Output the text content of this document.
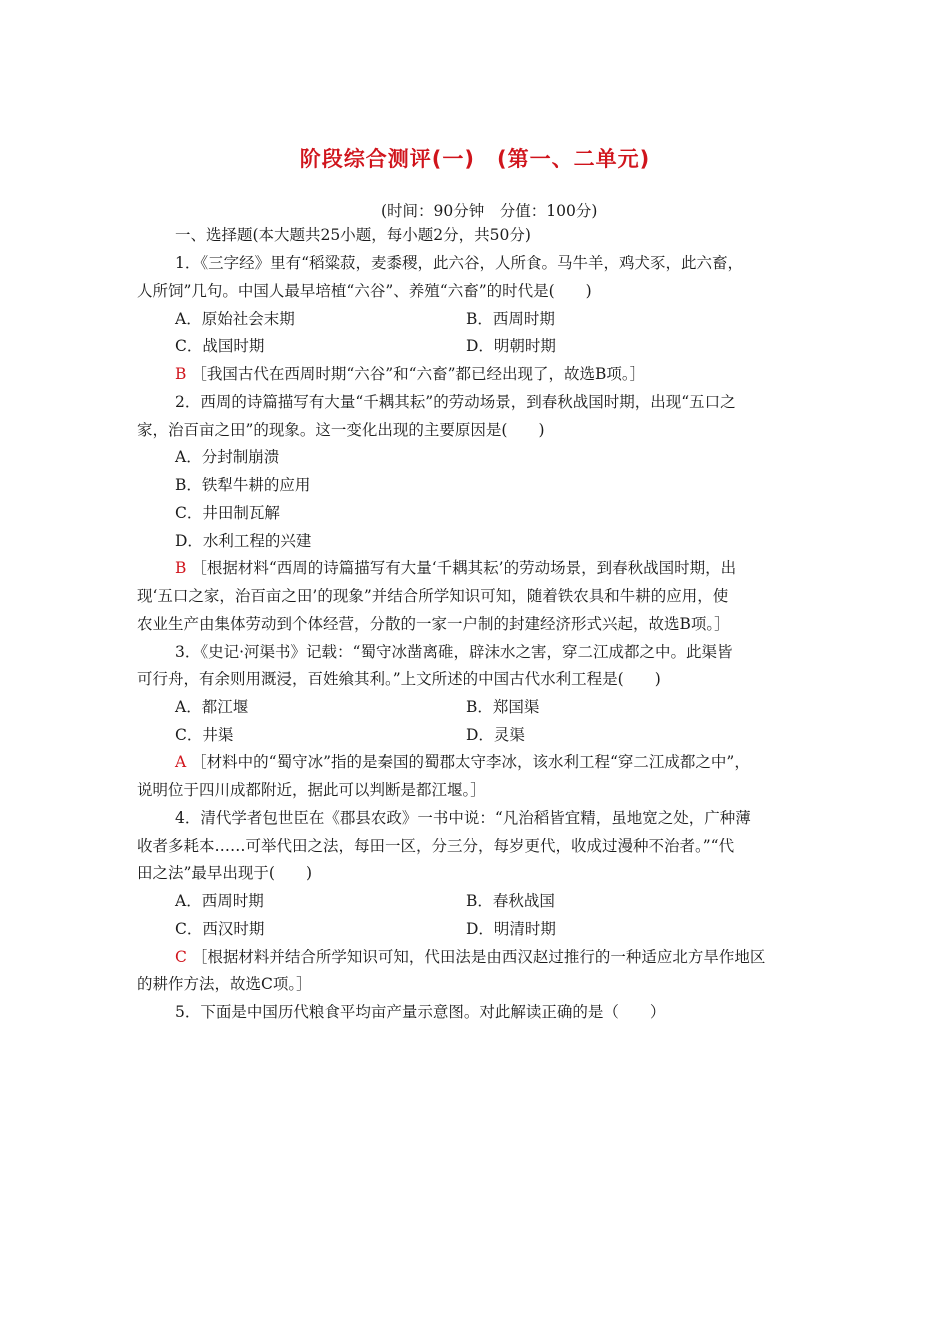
阶段综合测评(一)　(第一、二单元)
(时间：90分钟　分值：100分)
一、选择题(本大题共25小题，每小题2分，共50分)
1．《三字经》里有“稻粱菽，麦黍稷，此六谷，人所食。马牛羊，鸡犬豕，此六畜，
人所饲”几句。中国人最早培植“六谷”、养殖“六畜”的时代是(　　)
A．原始社会末期	B．西周时期
C．战国时期	D．明朝时期
B ［我国古代在西周时期“六谷”和“六畜”都已经出现了，故选B项。］
2．西周的诗篇描写有大量“千耦其耘”的劳动场景，到春秋战国时期，出现“五口之
家，治百亩之田”的现象。这一变化出现的主要原因是(　　)
A．分封制崩溃
B．铁犁牛耕的应用
C．井田制瓦解
D．水利工程的兴建
B ［根据材料“西周的诗篇描写有大量‘千耦其耘’的劳动场景，到春秋战国时期，出
现‘五口之家，治百亩之田’的现象”并结合所学知识可知，随着铁农具和牛耕的应用，使
农业生产由集体劳动到个体经营，分散的一家一户制的封建经济形式兴起，故选B项。］
3．《史记·河渠书》记载：“蜀守冰凿离碓，辟沫水之害，穿二江成都之中。此渠皆
可行舟，有余则用溉浸，百姓飨其利。”上文所述的中国古代水利工程是(　　)
A．都江堰	B．郑国渠
C．井渠	D．灵渠
A ［材料中的“蜀守冰”指的是秦国的蜀郡太守李冰，该水利工程“穿二江成都之中”，
说明位于四川成都附近，据此可以判断是都江堰。］
4．清代学者包世臣在《郡县农政》一书中说：“凡治稻皆宜精，虽地宽之处，广种薄
收者多耗本……可举代田之法，每田一区，分三分，每岁更代，收成过漫种不治者。”“代
田之法”最早出现于(　　)
A．西周时期	B．春秋战国
C．西汉时期	D．明清时期
C ［根据材料并结合所学知识可知，代田法是由西汉赵过推行的一种适应北方旱作地区
的耕作方法，故选C项。］
5．下面是中国历代粮食平均亩产量示意图。对此解读正确的是（　　）
